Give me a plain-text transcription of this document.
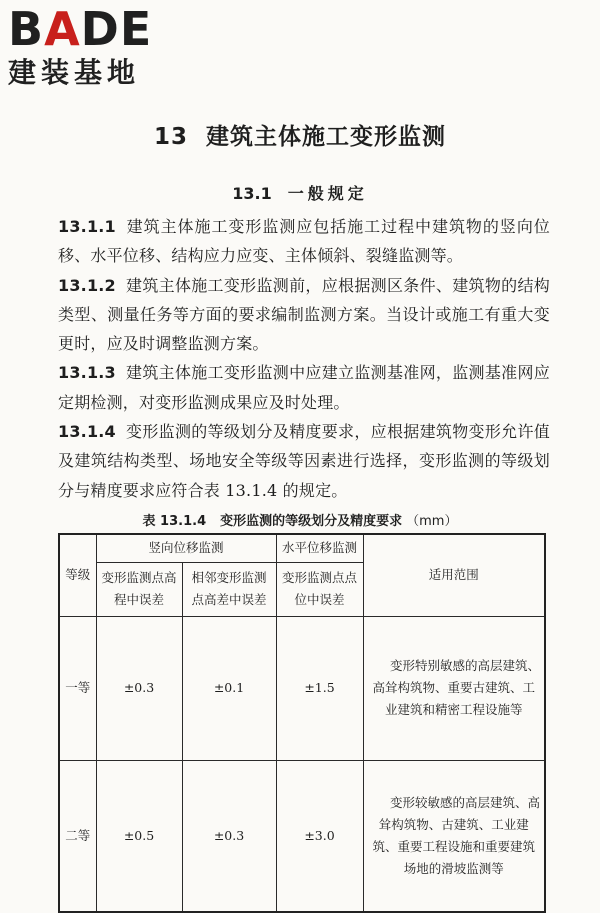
BADE
建装基地
13 建筑主体施工变形监测
13.1 一般规定

13.1.1 建筑主体施工变形监测应包括施工过程中建筑物的竖向位移、水平位移、结构应力应变、主体倾斜、裂缝监测等。

13.1.2 建筑主体施工变形监测前，应根据测区条件、建筑物的结构类型、测量任务等方面的要求编制监测方案。当设计或施工有重大变更时，应及时调整监测方案。

13.1.3 建筑主体施工变形监测中应建立监测基准网，监测基准网应定期检测，对变形监测成果应及时处理。

13.1.4 变形监测的等级划分及精度要求，应根据建筑物变形允许值及建筑结构类型、场地安全等级等因素进行选择，变形监测的等级划分与精度要求应符合表 13.1.4 的规定。

表 13.1.4 变形监测的等级划分及精度要求 （mm）
等级	竖向位移监测		水平位移监测	适用范围
	变形监测点高程中误差	相邻变形监测点高差中误差	变形监测点点位中误差	
一等	±0.3	±0.1	±1.5	变形特别敏感的高层建筑、高耸构筑物、重要古建筑、工业建筑和精密工程设施等
二等	±0.5	±0.3	±3.0	变形较敏感的高层建筑、高耸构筑物、古建筑、工业建筑、重要工程设施和重要建筑场地的滑坡监测等
